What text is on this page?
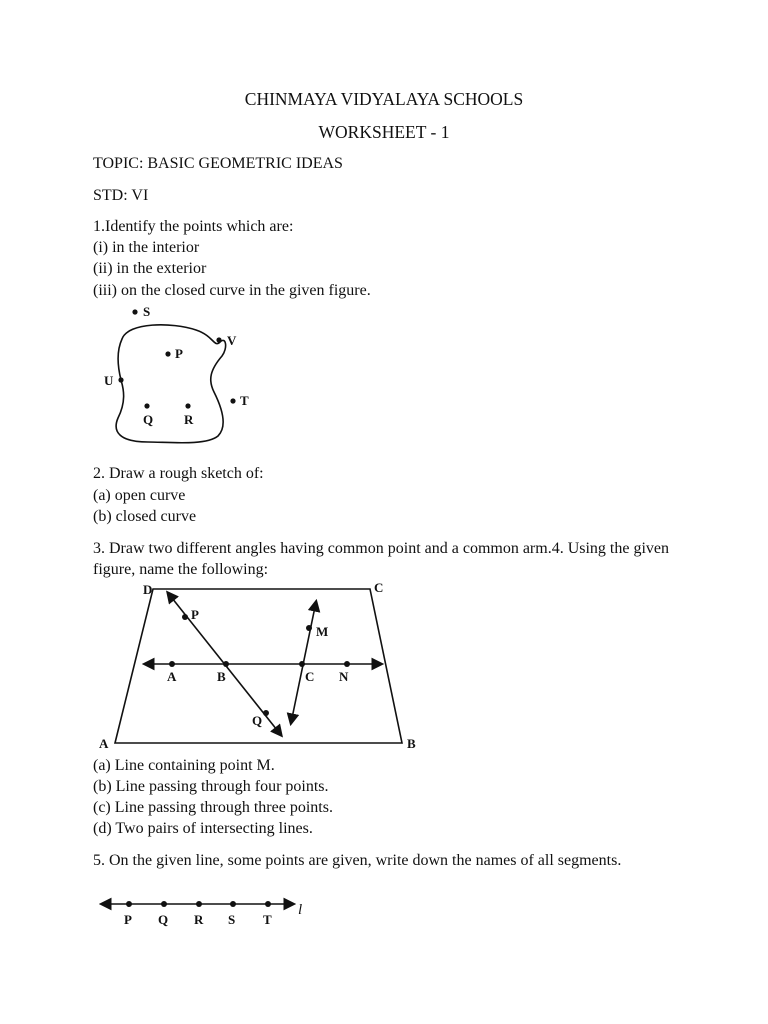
CHINMAYA VIDYALAYA SCHOOLS
WORKSHEET - 1
TOPIC: BASIC GEOMETRIC IDEAS
STD: VI
1.Identify the points which are:
(i) in the interior
(ii) in the exterior
(iii) on the closed curve in the given figure.
S
P
V
U
Q R
T
2. Draw a rough sketch of:
(a) open curve
(b) closed curve
3. Draw two different angles having common point and a common arm.4. Using the given figure, name the following:
D	C
P
M
A	B	C N
Q
A	B
(a) Line containing point M.
(b) Line passing through four points.
(c) Line passing through three points.
(d) Two pairs of intersecting lines.
5. On the given line, some points are given, write down the names of all segments.
P Q R S T
l
